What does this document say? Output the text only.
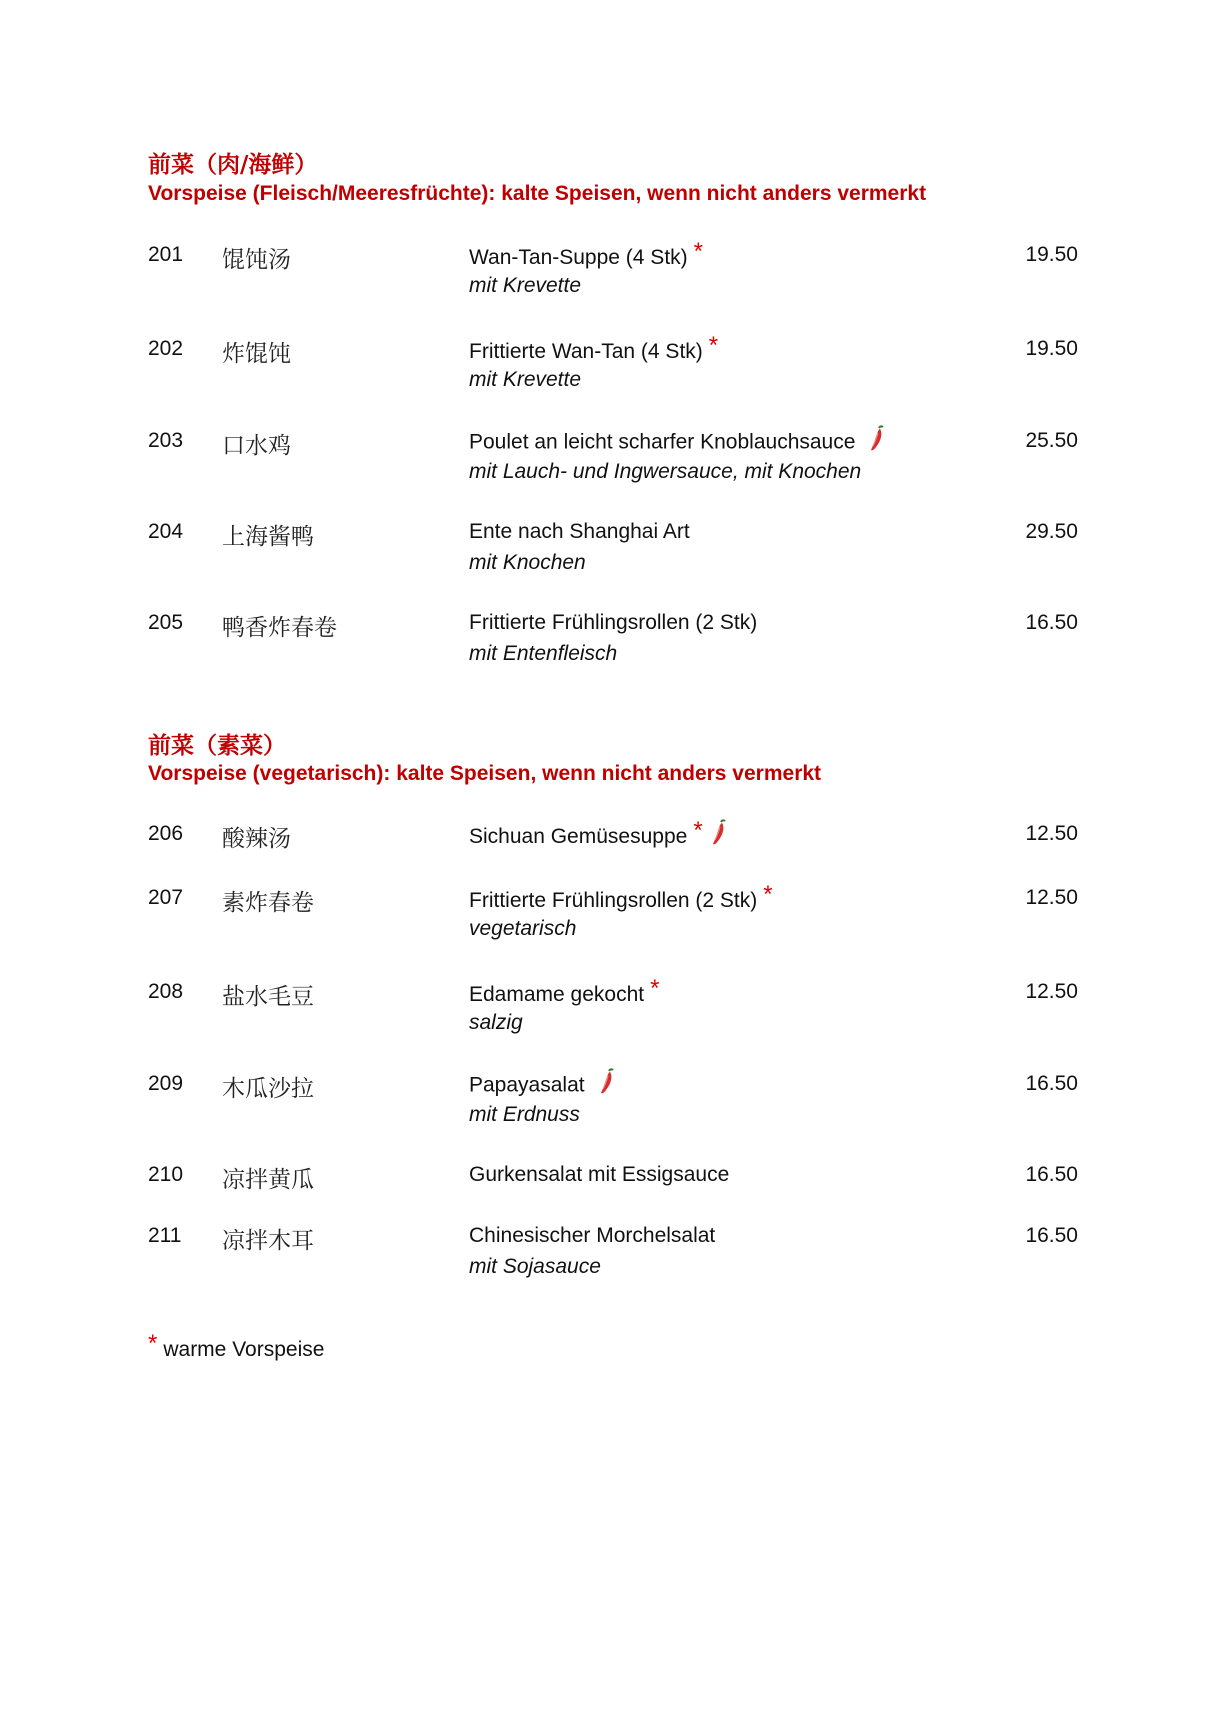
前菜（肉/海鲜）
Vorspeise (Fleisch/Meeresfrüchte): kalte Speisen, wenn nicht anders vermerkt
201 馄饨汤	Wan-Tan-Suppe (4 Stk) *
mit Krevette
19.50
202 炸馄饨	Frittierte Wan-Tan (4 Stk) *
mit Krevette
19.50
203 口水鸡	Poulet an leicht scharfer Knoblauchsauce
mit Lauch- und Ingwersauce, mit Knochen
25.50
204 上海酱鸭	Ente nach Shanghai Art
mit Knochen
29.50
205 鸭香炸春卷	Frittierte Frühlingsrollen (2 Stk)
mit Entenfleisch
16.50
前菜（素菜）
Vorspeise (vegetarisch): kalte Speisen, wenn nicht anders vermerkt
206 酸辣汤	Sichuan Gemüsesuppe *	12.50
207 素炸春卷	Frittierte Frühlingsrollen (2 Stk) *
vegetarisch
12.50
208 盐水毛豆	Edamame gekocht *
salzig
12.50
209 木瓜沙拉	Papayasalat
mit Erdnuss
16.50
210 凉拌黄瓜	Gurkensalat mit Essigsauce	16.50
211 凉拌木耳	Chinesischer Morchelsalat
mit Sojasauce
16.50
* warme Vorspeise
